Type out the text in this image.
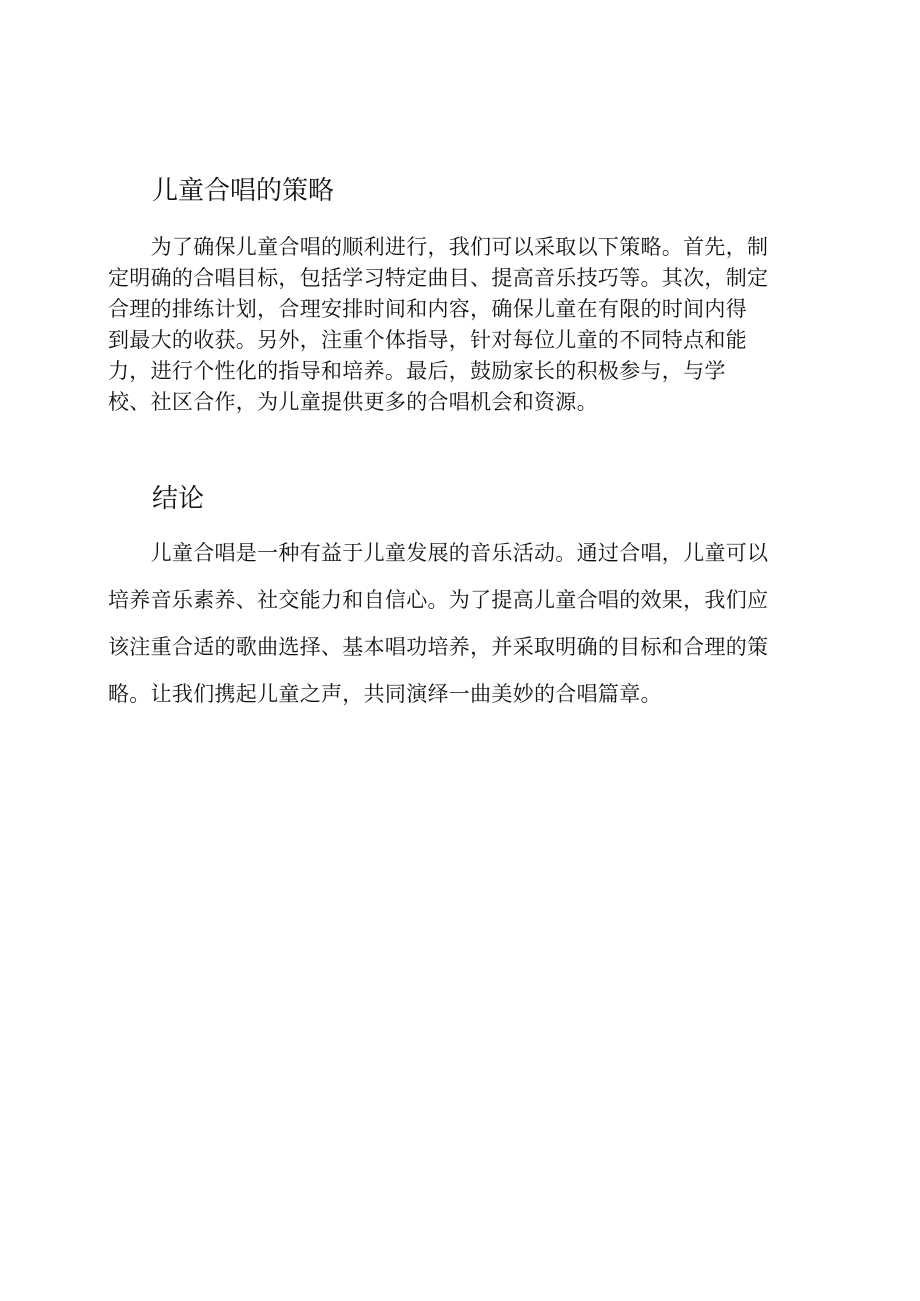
儿童合唱的策略
　　为了确保儿童合唱的顺利进行，我们可以采取以下策略。首先，制
定明确的合唱目标，包括学习特定曲目、提高音乐技巧等。其次，制定
合理的排练计划，合理安排时间和内容，确保儿童在有限的时间内得
到最大的收获。另外，注重个体指导，针对每位儿童的不同特点和能
力，进行个性化的指导和培养。最后，鼓励家长的积极参与，与学
校、社区合作，为儿童提供更多的合唱机会和资源。
结论
　　儿童合唱是一种有益于儿童发展的音乐活动。通过合唱，儿童可以
培养音乐素养、社交能力和自信心。为了提高儿童合唱的效果，我们应
该注重合适的歌曲选择、基本唱功培养，并采取明确的目标和合理的策
略。让我们携起儿童之声，共同演绎一曲美妙的合唱篇章。
